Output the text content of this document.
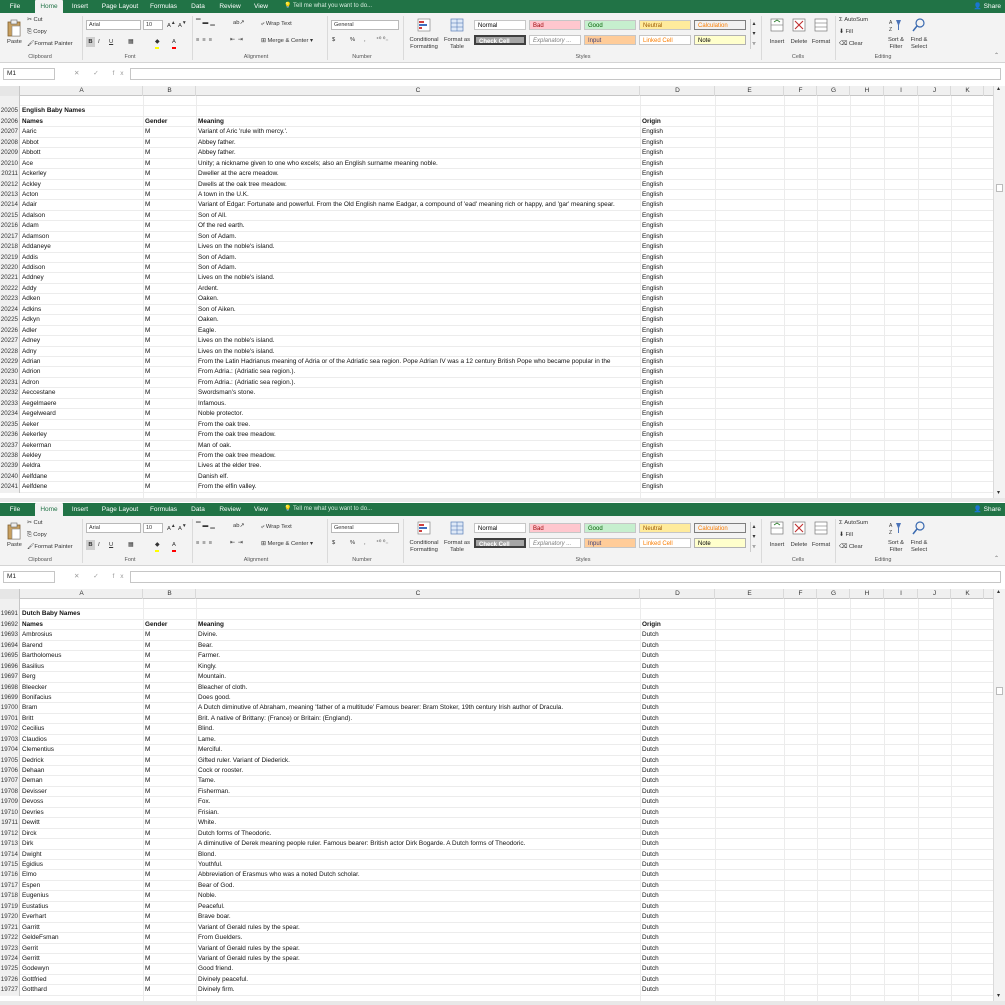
File	Home	Insert	Page Layout	Formulas	Data	Review	View	💡 Tell me what you want to do...	👤 Share
Paste
✂ Cut
⎘ Copy
🖌Format Painter
Clipboard
Arial	10	A▲ A▼
B I U	▦	◆ A
Font
▔▬▁	ab↗
≡≡≡	⇤⇥
⤶ Wrap Text
⊞ Merge & Center ▾
Alignment
General
$	% , ⁺⁰ ⁰₋
Number
Conditional Formatting
Format as Table
Normal	Bad	Good	Neutral	Calculation
Check Cell	Explanatory ...	Input	Linked Cell	Note
▴
▾
▿
Styles
Insert	Delete Format
Cells
Σ AutoSum
⬇ Fill
⌫ Clear
A
Z
Sort & Filter
Find & Select
Editing	⌃
M1	✕ ✓ fx
A	B	C	D	E	F	G	H	I	J	K
20205 English Baby Names
20206 Names	Gender	Meaning	Origin
20207 Aaric	M	Variant of Aric 'rule with mercy.'.	English
20208 Abbot	M	Abbey father.	English
20209 Abbott	M	Abbey father.	English
20210 Ace	M	Unity; a nickname given to one who excels; also an English surname meaning noble.	English
20211 Ackerley	M	Dweller at the acre meadow.	English
20212 Ackley	M	Dwells at the oak tree meadow.	English
20213 Acton	M	A town in the U.K.	English
20214 Adair	M	Variant of Edgar: Fortunate and powerful. From the Old English name Eadgar, a compound of 'ead' meaning rich or happy, and 'gar' meaning spear.	English
20215 Adalson	M	Son of All.	English
20216 Adam	M	Of the red earth.	English
20217 Adamson	M	Son of Adam.	English
20218 Addaneye	M	Lives on the noble's island.	English
20219 Addis	M	Son of Adam.	English
20220 Addison	M	Son of Adam.	English
20221 Addney	M	Lives on the noble's island.	English
20222 Addy	M	Ardent.	English
20223 Adken	M	Oaken.	English
20224 Adkins	M	Son of Aiken.	English
20225 Adkyn	M	Oaken.	English
20226 Adler	M	Eagle.	English
20227 Adney	M	Lives on the noble's island.	English
20228 Adny	M	Lives on the noble's island.	English
20229 Adrian	M	From the Latin Hadrianus meaning of Adria or of the Adriatic sea region. Pope Adrian IV was a 12 century British Pope who became popular in the	English
20230 Adrion	M	From Adria.: (Adriatic sea region.).	English
20231 Adron	M	From Adria.: (Adriatic sea region.).	English
20232 Aeccestane	M	Swordsman's stone.	English
20233 Aegelmaere	M	Infamous.	English
20234 Aegelweard	M	Noble protector.	English
20235 Aeker	M	From the oak tree.	English
20236 Aekerley	M	From the oak tree meadow.	English
20237 Aekerman	M	Man of oak.	English
20238 Aekley	M	From the oak tree meadow.	English
20239 Aeldra	M	Lives at the elder tree.	English
20240 Aelfdane	M	Danish elf.	English
20241 Aelfdene	M	From the elfin valley.	English
▴
▾
File	Home	Insert	Page Layout	Formulas	Data	Review	View	💡 Tell me what you want to do...	👤 Share
Paste
✂ Cut
⎘ Copy
🖌Format Painter
Clipboard
Arial	10	A▲ A▼
B I U	▦	◆ A
Font
▔▬▁	ab↗
≡≡≡	⇤⇥
⤶ Wrap Text
⊞ Merge & Center ▾
Alignment
General
$	% , ⁺⁰ ⁰₋
Number
Conditional Formatting
Format as Table
Normal	Bad	Good	Neutral	Calculation
Check Cell	Explanatory ...	Input	Linked Cell	Note
▴
▾
▿
Styles
Insert	Delete Format
Cells
Σ AutoSum
⬇ Fill
⌫ Clear
A
Z
Sort & Filter
Find & Select
Editing	⌃
M1	✕ ✓ fx
A	B	C	D	E	F	G	H	I	J	K
19691 Dutch Baby Names
19692 Names	Gender	Meaning	Origin
19693 Ambrosius	M	Divine.	Dutch
19694 Barend	M	Bear.	Dutch
19695 Bartholomeus	M	Farmer.	Dutch
19696 Basilius	M	Kingly.	Dutch
19697 Berg	M	Mountain.	Dutch
19698 Bleecker	M	Bleacher of cloth.	Dutch
19699 Bonifacius	M	Does good.	Dutch
19700 Bram	M	A Dutch diminutive of Abraham, meaning 'father of a multitude' Famous bearer: Bram Stoker, 19th century Irish author of Dracula.	Dutch
19701 Britt	M	Brit. A native of Brittany: (France) or Britain: (England).	Dutch
19702 Cecilius	M	Blind.	Dutch
19703 Claudios	M	Lame.	Dutch
19704 Clementius	M	Merciful.	Dutch
19705 Dedrick	M	Gifted ruler. Variant of Diederick.	Dutch
19706 Dehaan	M	Cock or rooster.	Dutch
19707 Deman	M	Tame.	Dutch
19708 Devisser	M	Fisherman.	Dutch
19709 Devoss	M	Fox.	Dutch
19710 Devries	M	Frisian.	Dutch
19711 Dewitt	M	White.	Dutch
19712 Dirck	M	Dutch forms of Theodoric.	Dutch
19713 Dirk	M	A diminutive of Derek meaning people ruler. Famous bearer: British actor Dirk Bogarde. A Dutch forms of Theodoric.	Dutch
19714 Dwight	M	Blond.	Dutch
19715 Egidius	M	Youthful.	Dutch
19716 Elmo	M	Abbreviation of Erasmus who was a noted Dutch scholar.	Dutch
19717 Espen	M	Bear of God.	Dutch
19718 Eugenius	M	Noble.	Dutch
19719 Eustatius	M	Peaceful.	Dutch
19720 Everhart	M	Brave boar.	Dutch
19721 Garritt	M	Variant of Gerald rules by the spear.	Dutch
19722 GeldeFsman	M	From Guelders.	Dutch
19723 Gerrit	M	Variant of Gerald rules by the spear.	Dutch
19724 Gerritt	M	Variant of Gerald rules by the spear.	Dutch
19725 Godewyn	M	Good friend.	Dutch
19726 Gottfried	M	Divinely peaceful.	Dutch
19727 Gotthard	M	Divinely firm.	Dutch
▴
▾
